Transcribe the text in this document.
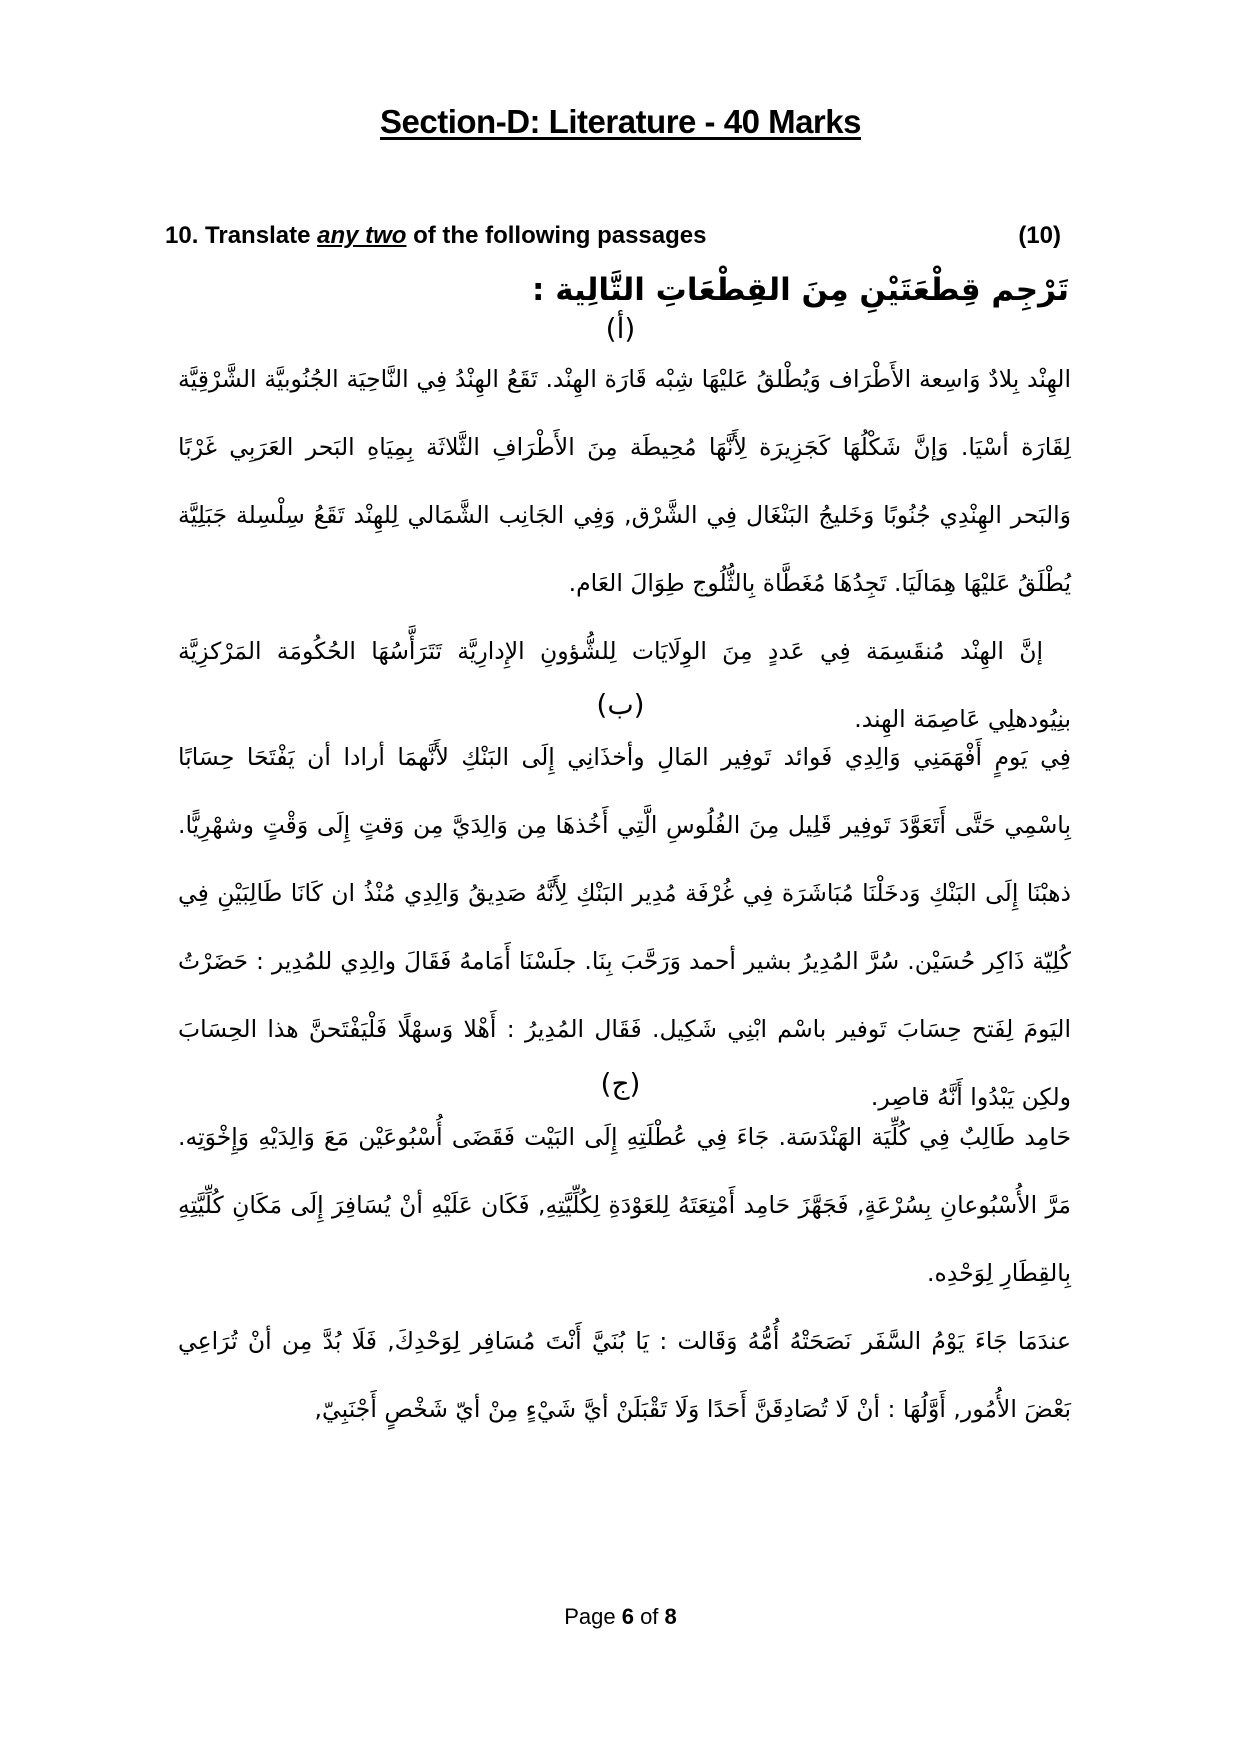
Section-D: Literature - 40 Marks
10. Translate any two of the following passages	(10)
تَرْجِم قِطْعَتَيْنِ مِنَ القِطْعَاتِ التَّالِية :
(أ)

الهِنْد بِلادٌ وَاسِعة الأَطْرَاف وَيُطْلقُ عَليْهَا شِبْه قَارَة الهِنْد. تَقَعُ الهِنْدُ فِي النَّاحِيَة الجُنُوبيَّة الشَّرْقِيَّة لِقَارَة أسْيَا. وَإنَّ شَكْلُهَا كَجَزِيرَة لِأَنَّهَا مُحِيطَة مِنَ الأَطْرَافِ الثَّلاثَة بِمِيَاهِ البَحر العَرَبِي غَرْبًا وَالبَحر الهِنْدِي جُنُوبًا وَخَليجُ البَنْغَال فِي الشَّرْق, وَفِي الجَانِب الشَّمَالي لِلهِنْد تَقَعُ سِلْسِلة جَبَلِيَّة يُطْلَقُ عَليْهَا هِمَالَيَا. تَجِدُهَا مُغَطَّاة بِالثُّلُوج طِوَالَ العَام.

إنَّ الهِنْد مُنقَسِمَة فِي عَددٍ مِنَ الوِلَايَات لِلشُّؤونِ الإِدارِيَّة تَتَرَأَّسُهَا الحُكُومَة المَرْكزِيَّة بنِيُودهلِي عَاصِمَة الهِند.

(ب)

فِي يَومٍ أَفْهَمَنِي وَالِدِي فَوائد تَوفِير المَالِ وأخذَانِي إِلَى البَنْكِ لأَنَّهمَا أرادا أن يَفْتَحَا حِسَابًا بِاسْمِي حَتَّى أَتَعَوَّدَ تَوفِير قَلِيل مِنَ الفُلُوسِ الَّتِي أَخُذهَا مِن وَالِدَيَّ مِن وَقتٍ إِلَى وَقْتٍ وشهْرِيًّا. ذهبْنَا إِلَى البَنْكِ وَدخَلْنَا مُبَاشَرَة فِي غُرْفَة مُدِير البَنْكِ لِأَنَّهُ صَدِيقُ وَالِدِي مُنْذُ ان كَانَا طَالِبَيْنِ فِي كُلِيّة ذَاكِر حُسَيْن. سُرَّ المُدِيرُ بشير أحمد وَرَحَّبَ بِنَا. جلَسْنَا أَمَامهُ فَقَالَ والِدِي للمُدِير : حَضَرْتُ اليَومَ لِفَتح حِسَابَ تَوفير باسْم ابْنِي شَكِيل. فَقَال المُدِيرُ : أَهْلا وَسهْلًا فَلْيَفْتَحنَّ هذا الحِسَابَ ولكِن يَبْدُوا أَنَّهُ قاصِر.

(ج)

حَامِد طَالِبٌ فِي كُلِّيَة الهَنْدَسَة. جَاءَ فِي عُطْلَتِهِ إِلَى البَيْت فَقَضَى أُسْبُوعَيْن مَعَ وَالِدَيْهِ وَإِخْوَتِه. مَرَّ الأُسْبُوعانِ بِسُرْعَةٍ, فَجَهَّزَ حَامِد أَمْتِعَتَهُ لِلعَوْدَةِ لِكُلِّيَّتِهِ, فَكَان عَلَيْهِ أنْ يُسَافِرَ إِلَى مَكَانِ كُلِّيَّتِهِ بِالقِطَارِ لِوَحْدِه.

عندَمَا جَاءَ يَوْمُ السَّفَر نَصَحَتْهُ أُمُّهُ وَقَالت : يَا بُنَيَّ أَنْتَ مُسَافِر لِوَحْدِكَ, فَلَا بُدَّ مِن أنْ تُرَاعِي بَعْضَ الأُمُور, أَوَّلُهَا : أنْ لَا تُصَادِقَنَّ أَحَدًا وَلَا تَقْبَلَنْ أيَّ شَيْءٍ مِنْ أيّ شَخْصٍ أَجْنَبِيّ,

Page 6 of 8
